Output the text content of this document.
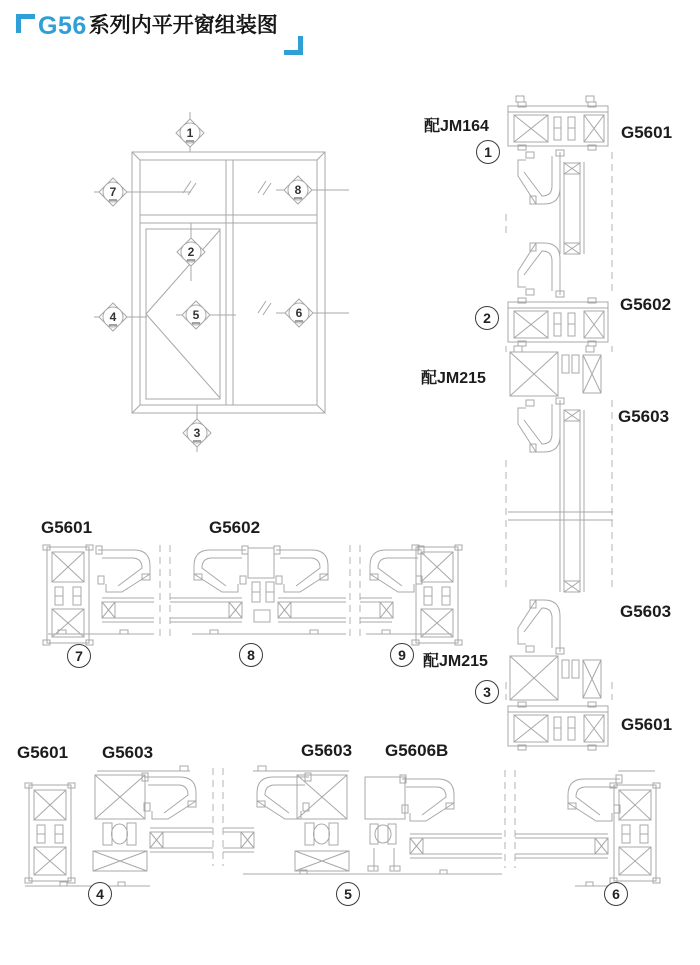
1
2
3
4	5	6
7	8
G56 系列内平开窗组装图
配JM164
1
G5601
G5602
2
配JM215
G5603
G5603
配JM215
3
G5601
G5601	G5602
7	8	9
G5601 G5603	G5603 G5606B
4	5	6
